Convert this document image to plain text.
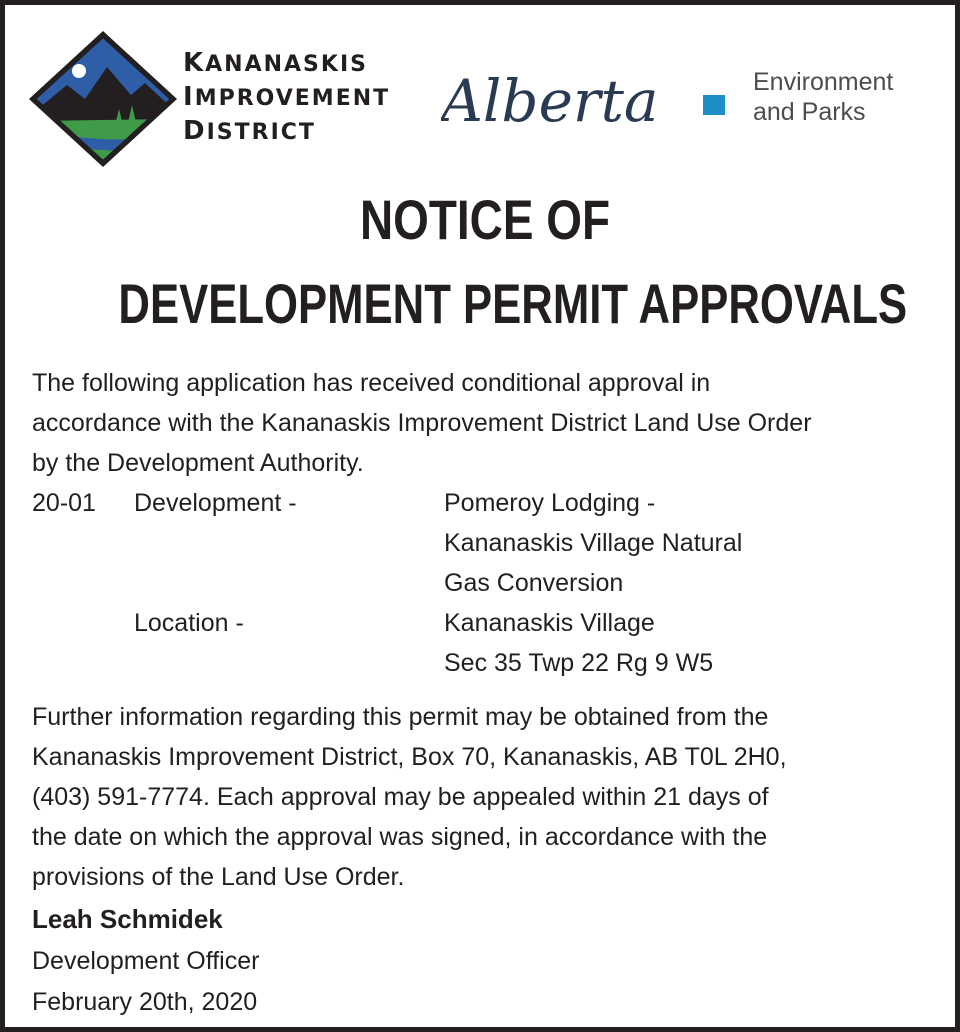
KANANASKIS
IMPROVEMENT
DISTRICT	Alberta	Environment
and Parks
NOTICE OF
DEVELOPMENT PERMIT APPROVALS
The following application has received conditional approval in
accordance with the Kananaskis Improvement District Land Use Order
by the Development Authority.
20-01 Development -	Pomeroy Lodging -
Kananaskis Village Natural
Gas Conversion
Location -	Kananaskis Village
Sec 35 Twp 22 Rg 9 W5
Further information regarding this permit may be obtained from the
Kananaskis Improvement District, Box 70, Kananaskis, AB T0L 2H0,
(403) 591-7774. Each approval may be appealed within 21 days of
the date on which the approval was signed, in accordance with the
provisions of the Land Use Order.
Leah Schmidek
Development Officer
February 20th, 2020
